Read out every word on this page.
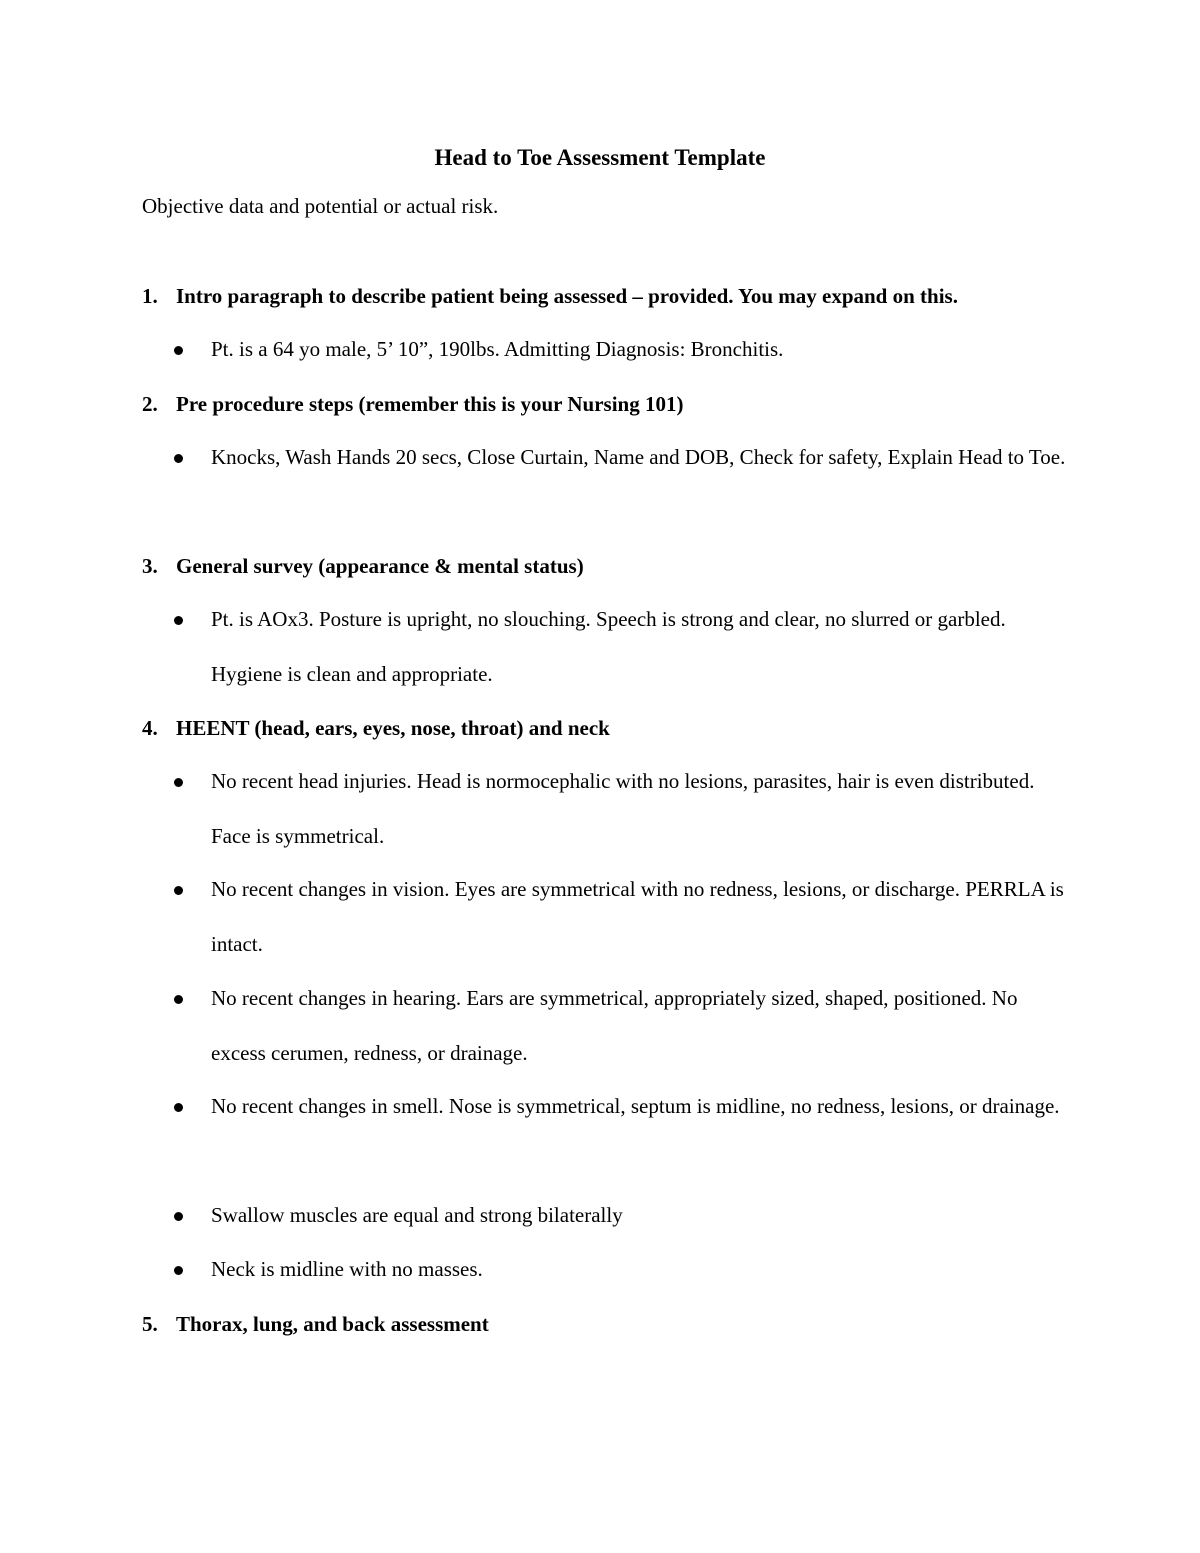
Head to Toe Assessment Template

Objective data and potential or actual risk.

1. Intro paragraph to describe patient being assessed – provided. You may expand on this.
Pt. is a 64 yo male, 5’ 10”, 190lbs. Admitting Diagnosis: Bronchitis.
2. Pre procedure steps (remember this is your Nursing 101)
Knocks, Wash Hands 20 secs, Close Curtain, Name and DOB, Check for safety, Explain Head to Toe.
3. General survey (appearance & mental status)
Pt. is AOx3. Posture is upright, no slouching. Speech is strong and clear, no slurred or garbled. Hygiene is clean and appropriate.
4. HEENT (head, ears, eyes, nose, throat) and neck
No recent head injuries. Head is normocephalic with no lesions, parasites, hair is even distributed. Face is symmetrical.
No recent changes in vision. Eyes are symmetrical with no redness, lesions, or discharge. PERRLA is intact.
No recent changes in hearing. Ears are symmetrical, appropriately sized, shaped, positioned. No excess cerumen, redness, or drainage.
No recent changes in smell. Nose is symmetrical, septum is midline, no redness, lesions, or drainage.
Swallow muscles are equal and strong bilaterally
Neck is midline with no masses.
5. Thorax, lung, and back assessment
